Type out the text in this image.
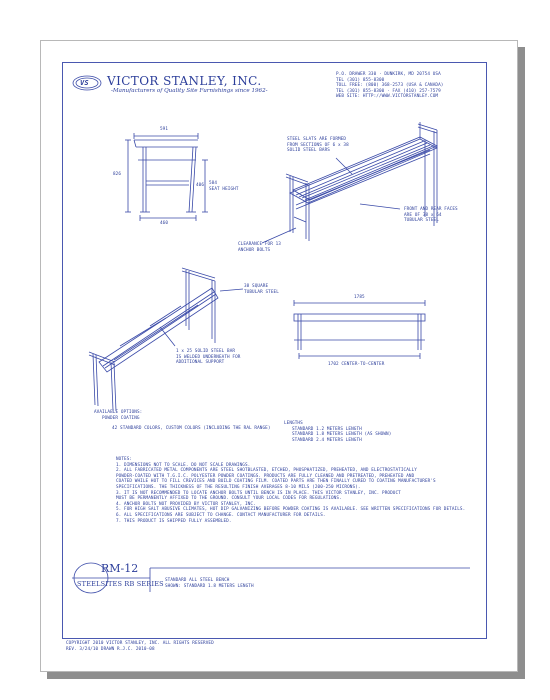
VS VICTOR STANLEY, INC.
-Manufacturers of Quality Site Furnishings since 1962-
P.O. DRAWER 330 · DUNKIRK, MD 20754 USA
TEL (301) 855-8300
TOLL FREE: (800) 368-2573 (USA & CANADA)
TEL (301) 855-8300 · FAX (410) 257-7579
WEB SITE: HTTP://WWW.VICTORSTANLEY.COM
591
826
406 584
SEAT HEIGHT
460
STEEL SLATS ARE FORMED
FROM SECTIONS OF 6 x 38
SOLID STEEL BARS
FRONT AND REAR FACES
ARE OF 38 x 64
TUBULAR STEEL
CLEARANCE FOR 13
ANCHOR BOLTS
38 SQUARE
TUBULAR STEEL
1 x 25 SOLID STEEL BAR
IS WELDED UNDERNEATH FOR
ADDITIONAL SUPPORT
1785
1702 CENTER-TO-CENTER
AVAILABLE OPTIONS:
POWDER COATING
42 STANDARD COLORS, CUSTOM COLORS (INCLUDING THE RAL RANGE)
LENGTHS
STANDARD 1.2 METERS LENGTH
STANDARD 1.8 METERS LENGTH (AS SHOWN)
STANDARD 2.4 METERS LENGTH
NOTES:
1. DIMENSIONS NOT TO SCALE. DO NOT SCALE DRAWINGS.
2. ALL FABRICATED METAL COMPONENTS ARE STEEL SHOTBLASTED, ETCHED, PHOSPHATIZED, PREHEATED, AND ELECTROSTATICALLY
POWDER-COATED WITH T.G.I.C. POLYESTER POWDER COATINGS. PRODUCTS ARE FULLY CLEANED AND PRETREATED, PREHEATED AND
COATED WHILE HOT TO FILL CREVICES AND BUILD COATING FILM. COATED PARTS ARE THEN FINALLY CURED TO COATING MANUFACTURER'S
SPECIFICATIONS. THE THICKNESS OF THE RESULTING FINISH AVERAGES 8-10 MILS (200-250 MICRONS).
3. IT IS NOT RECOMMENDED TO LOCATE ANCHOR BOLTS UNTIL BENCH IS IN PLACE. THIS VICTOR STANLEY, INC. PRODUCT
MUST BE PERMANENTLY AFFIXED TO THE GROUND. CONSULT YOUR LOCAL CODES FOR REGULATIONS.
4. ANCHOR BOLTS NOT PROVIDED BY VICTOR STANLEY, INC.
5. FOR HIGH SALT ABUSIVE CLIMATES, HOT DIP GALVANIZING BEFORE POWDER COATING IS AVAILABLE. SEE WRITTEN SPECIFICATIONS FOR DETAILS.
6. ALL SPECIFICATIONS ARE SUBJECT TO CHANGE. CONTACT MANUFACTURER FOR DETAILS.
7. THIS PRODUCT IS SHIPPED FULLY ASSEMBLED.
RM-12
STEELSITES RB SERIES STANDARD ALL STEEL BENCH
SHOWN: STANDARD 1.8 METERS LENGTH
COPYRIGHT 2010 VICTOR STANLEY, INC. ALL RIGHTS RESERVED
REV. 3/24/10 DRAWN R.J.C. 2010-08
